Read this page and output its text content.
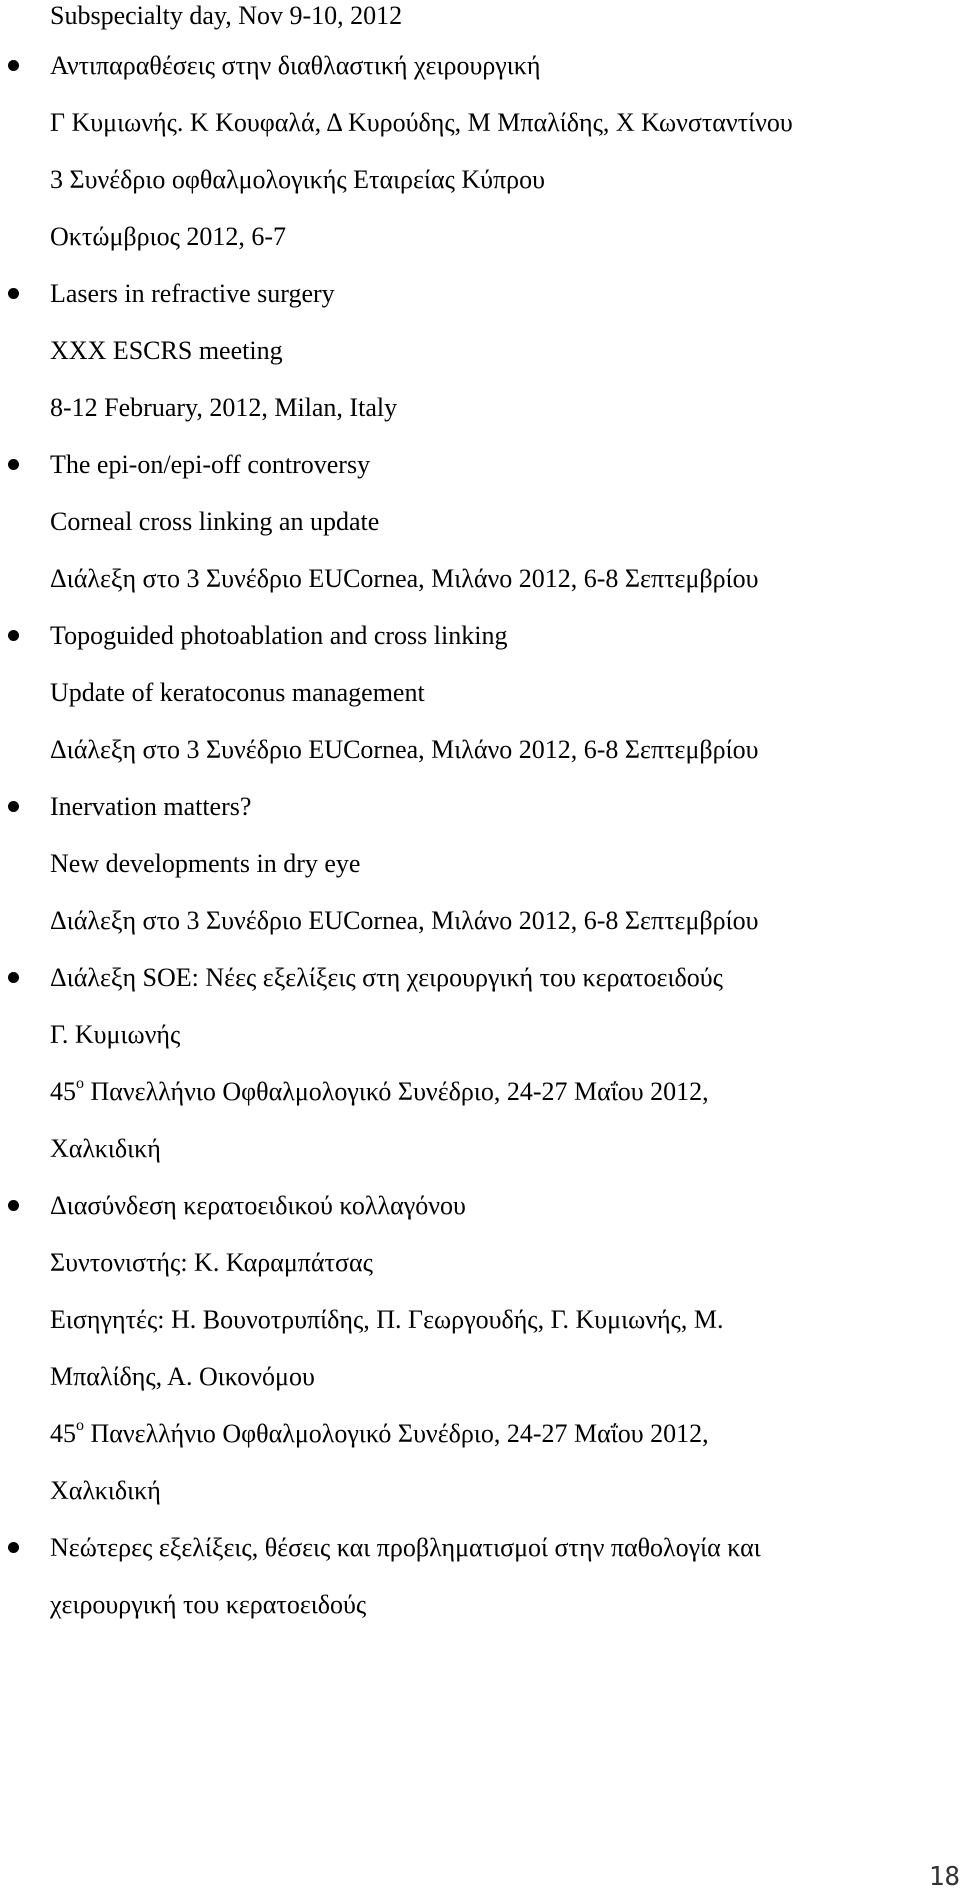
Subspecialty day, Nov 9-10, 2012
Αντιπαραθέσεις στην διαθλαστική χειρουργική
Γ Κυμιωνής. Κ Κουφαλά, Δ Κυρούδης, Μ Μπαλίδης, Χ Κωνσταντίνου
3 Συνέδριο οφθαλμολογικής Εταιρείας Κύπρου
Οκτώμβριος 2012, 6-7
Lasers in refractive surgery
XXX ESCRS meeting
8-12 February, 2012, Milan, Italy
The epi-on/epi-off controversy
Corneal cross linking an update
Διάλεξη στο 3 Συνέδριο EUCornea, Μιλάνο 2012, 6-8 Σεπτεμβρίου
Topoguided photoablation and cross linking
Update of keratoconus management
Διάλεξη στο 3 Συνέδριο EUCornea, Μιλάνο 2012, 6-8 Σεπτεμβρίου
Inervation matters?
New developments in dry eye
Διάλεξη στο 3 Συνέδριο EUCornea, Μιλάνο 2012, 6-8 Σεπτεμβρίου
Διάλεξη SOE: Νέες εξελίξεις στη χειρουργική του κερατοειδούς
Γ. Κυμιωνής
$45^o$ Πανελλήνιο Οφθαλμολογικό Συνέδριο, 24-27 Μαΐου 2012,
Χαλκιδική
Διασύνδεση κερατοειδικού κολλαγόνου
Συντονιστής: Κ. Καραμπάτσας
Εισηγητές: Η. Βουνοτρυπίδης, Π. Γεωργουδής, Γ. Κυμιωνής, Μ.
Μπαλίδης, Α. Οικονόμου
$45^o$ Πανελλήνιο Οφθαλμολογικό Συνέδριο, 24-27 Μαΐου 2012,
Χαλκιδική
Νεώτερες εξελίξεις, θέσεις και προβληματισμοί στην παθολογία και
χειρουργική του κερατοειδούς
18
